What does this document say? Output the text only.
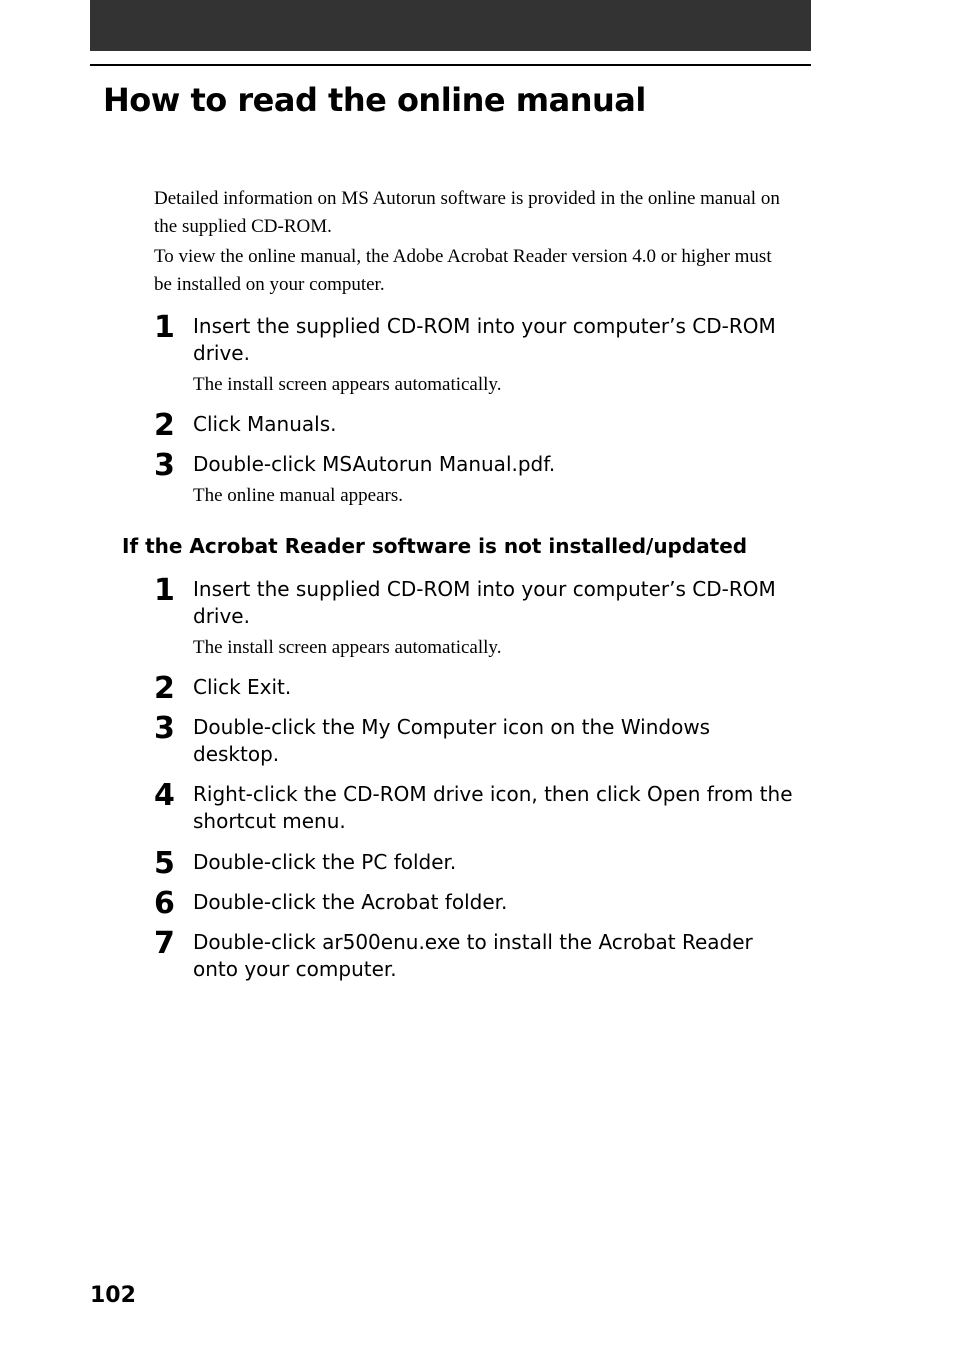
How to read the online manual

Detailed information on MS Autorun software is provided in the online manual on the supplied CD-ROM.

To view the online manual, the Adobe Acrobat Reader version 4.0 or higher must be installed on your computer.

1 Insert the supplied CD-ROM into your computer’s CD-ROM drive.

The install screen appears automatically.

2 Click Manuals.
3 Double-click MSAutorun Manual.pdf.

The online manual appears.

If the Acrobat Reader software is not installed/updated
1 Insert the supplied CD-ROM into your computer’s CD-ROM drive.

The install screen appears automatically.

2 Click Exit.
3 Double-click the My Computer icon on the Windows desktop.
4 Right-click the CD-ROM drive icon, then click Open from the shortcut menu.
5 Double-click the PC folder.
6 Double-click the Acrobat folder.
7 Double-click ar500enu.exe to install the Acrobat Reader onto your computer.
102
